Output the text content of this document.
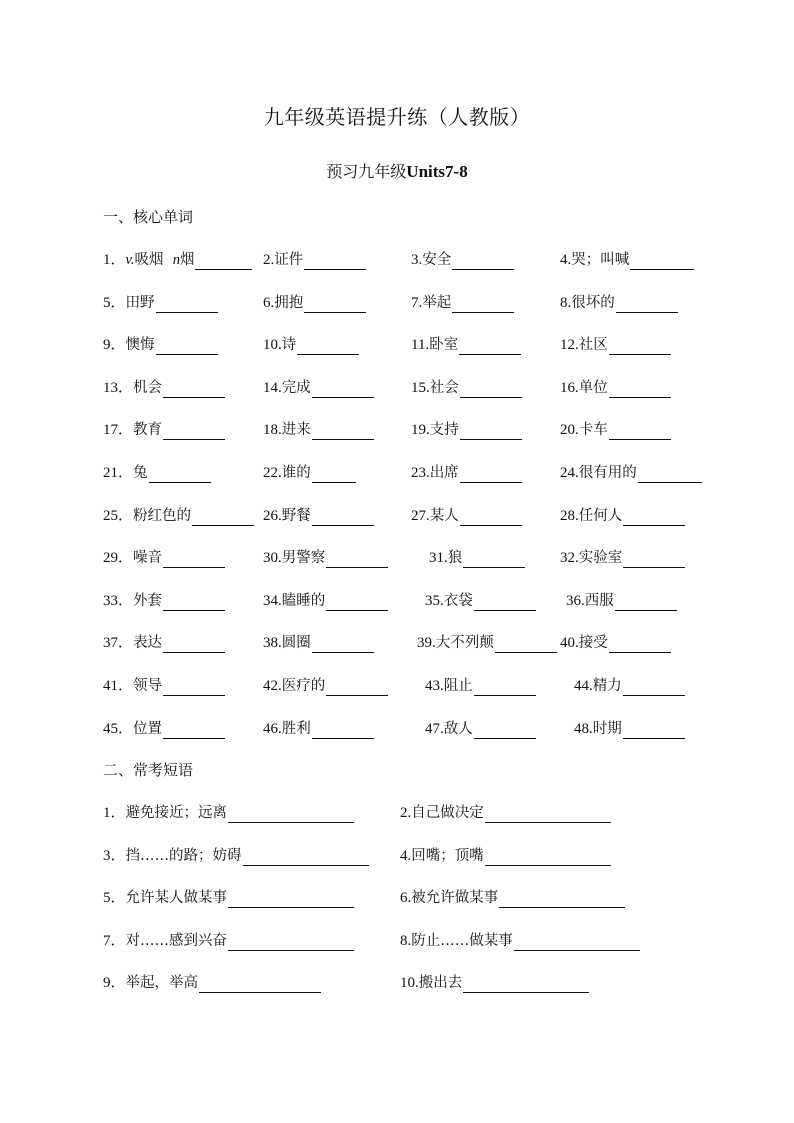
九年级英语提升练（人教版）
预习九年级Units7-8
一、核心单词
1． v. 吸烟 n 烟	2. 证件	3. 安全	4. 哭；叫喊
5． 田野	6. 拥抱	7. 举起	8. 很坏的
9． 懊悔	10. 诗	11. 卧室	12. 社区
13． 机会	14. 完成	15. 社会	16. 单位
17． 教育	18. 进来	19. 支持	20. 卡车
21． 兔	22. 谁的	23. 出席	24. 很有用的
25． 粉红色的	26. 野餐	27. 某人	28. 任何人
29． 噪音	30. 男警察	31. 狼	32. 实验室
33． 外套	34. 瞌睡的	35. 衣袋	36. 西服
37． 表达	38. 圆圈	39. 大不列颠	40. 接受
41． 领导	42. 医疗的	43. 阻止	44. 精力
45． 位置	46. 胜利	47. 敌人	48. 时期
二、常考短语
1． 避免接近；远离	2. 自己做决定
3． 挡……的路；妨碍	4. 回嘴；顶嘴
5． 允许某人做某事	6. 被允许做某事
7． 对……感到兴奋	8. 防止……做某事
9． 举起，举高	10. 搬出去
